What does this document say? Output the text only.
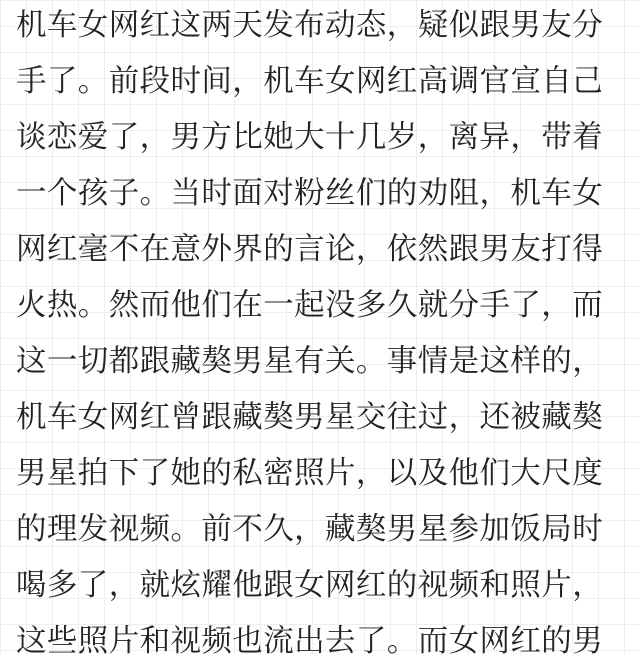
机车女网红这两天发布动态，疑似跟男友分
手了。前段时间，机车女网红高调官宣自己
谈恋爱了，男方比她大十几岁，离异，带着
一个孩子。当时面对粉丝们的劝阻，机车女
网红毫不在意外界的言论，依然跟男友打得
火热。然而他们在一起没多久就分手了，而
这一切都跟藏獒男星有关。事情是这样的，
机车女网红曾跟藏獒男星交往过，还被藏獒
男星拍下了她的私密照片，以及他们大尺度
的理发视频。前不久，藏獒男星参加饭局时
喝多了，就炫耀他跟女网红的视频和照片，
这些照片和视频也流出去了。而女网红的男
